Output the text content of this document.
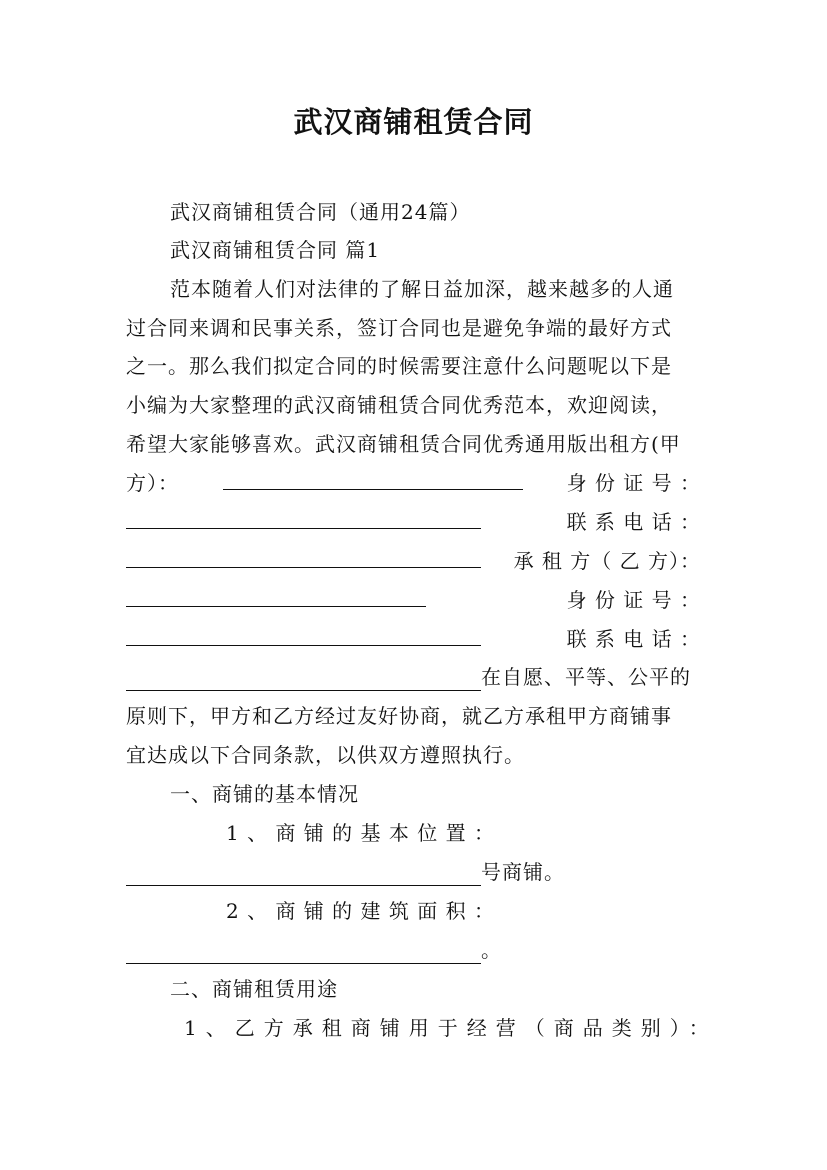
武汉商铺租赁合同
武汉商铺租赁合同（通用24篇）
武汉商铺租赁合同 篇1
范本随着人们对法律的了解日益加深，越来越多的人通
过合同来调和民事关系，签订合同也是避免争端的最好方式
之一。那么我们拟定合同的时候需要注意什么问题呢以下是
小编为大家整理的武汉商铺租赁合同优秀范本，欢迎阅读，
希望大家能够喜欢。武汉商铺租赁合同优秀通用版出租方(甲
方）：	身 份 证 号 ：
联 系 电 话 ：
承 租 方（ 乙 方）：
身 份 证 号 ：
联 系 电 话 ：
在自愿、平等、公平的
原则下，甲方和乙方经过友好协商，就乙方承租甲方商铺事
宜达成以下合同条款，以供双方遵照执行。
一、商铺的基本情况
1 、 商 铺 的 基 本 位 置 ：
号商铺。
2 、 商 铺 的 建 筑 面 积 ：
。
二、商铺租赁用途
1、乙方承租商铺用于经营（商品类别）：
